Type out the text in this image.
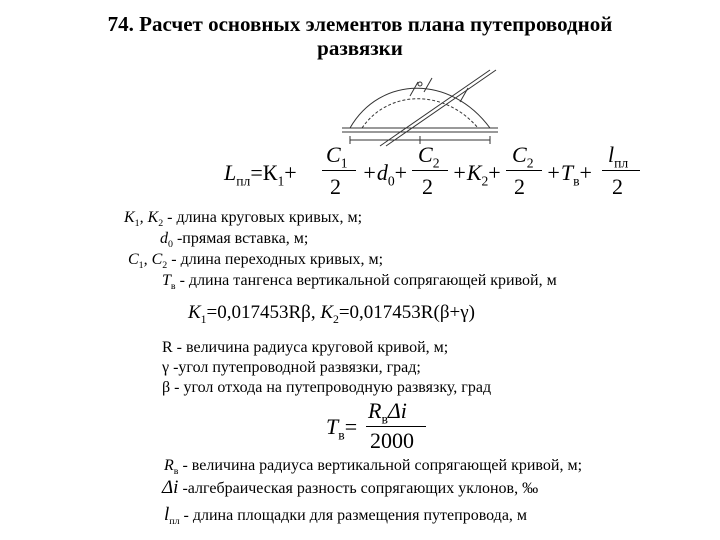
74. Расчет основных элементов плана путепроводной
развязки
$L_{пл}=К_1+$
$C_1$
2
$+d_0+$
$C_2$
2
$+К_2+$
$C_2$
2
$+Т_в+$
$l_{пл}$
2
$К_1$, $К_2$ - длина круговых кривых, м;
$d_0$ -прямая вставка, м;
$C_1$, $C_2$ - длина переходных кривых, м;
$Т_в$ - длина тангенса вертикальной сопрягающей кривой, м
$К_1=0,017453R\beta$, $К_2=0,017453R(\beta+\gamma)$
R - величина радиуса круговой кривой, м;
γ -угол путепроводной развязки, град;
β - угол отхода на путепроводную развязку, град
$Т_в=$
$R_в\Delta i$
2000
$R_в$ - величина радиуса вертикальной сопрягающей кривой, м;
Δi -алгебраическая разность сопрягающих уклонов, ‰
$l_{пл}$ - длина площадки для размещения путепровода, м
